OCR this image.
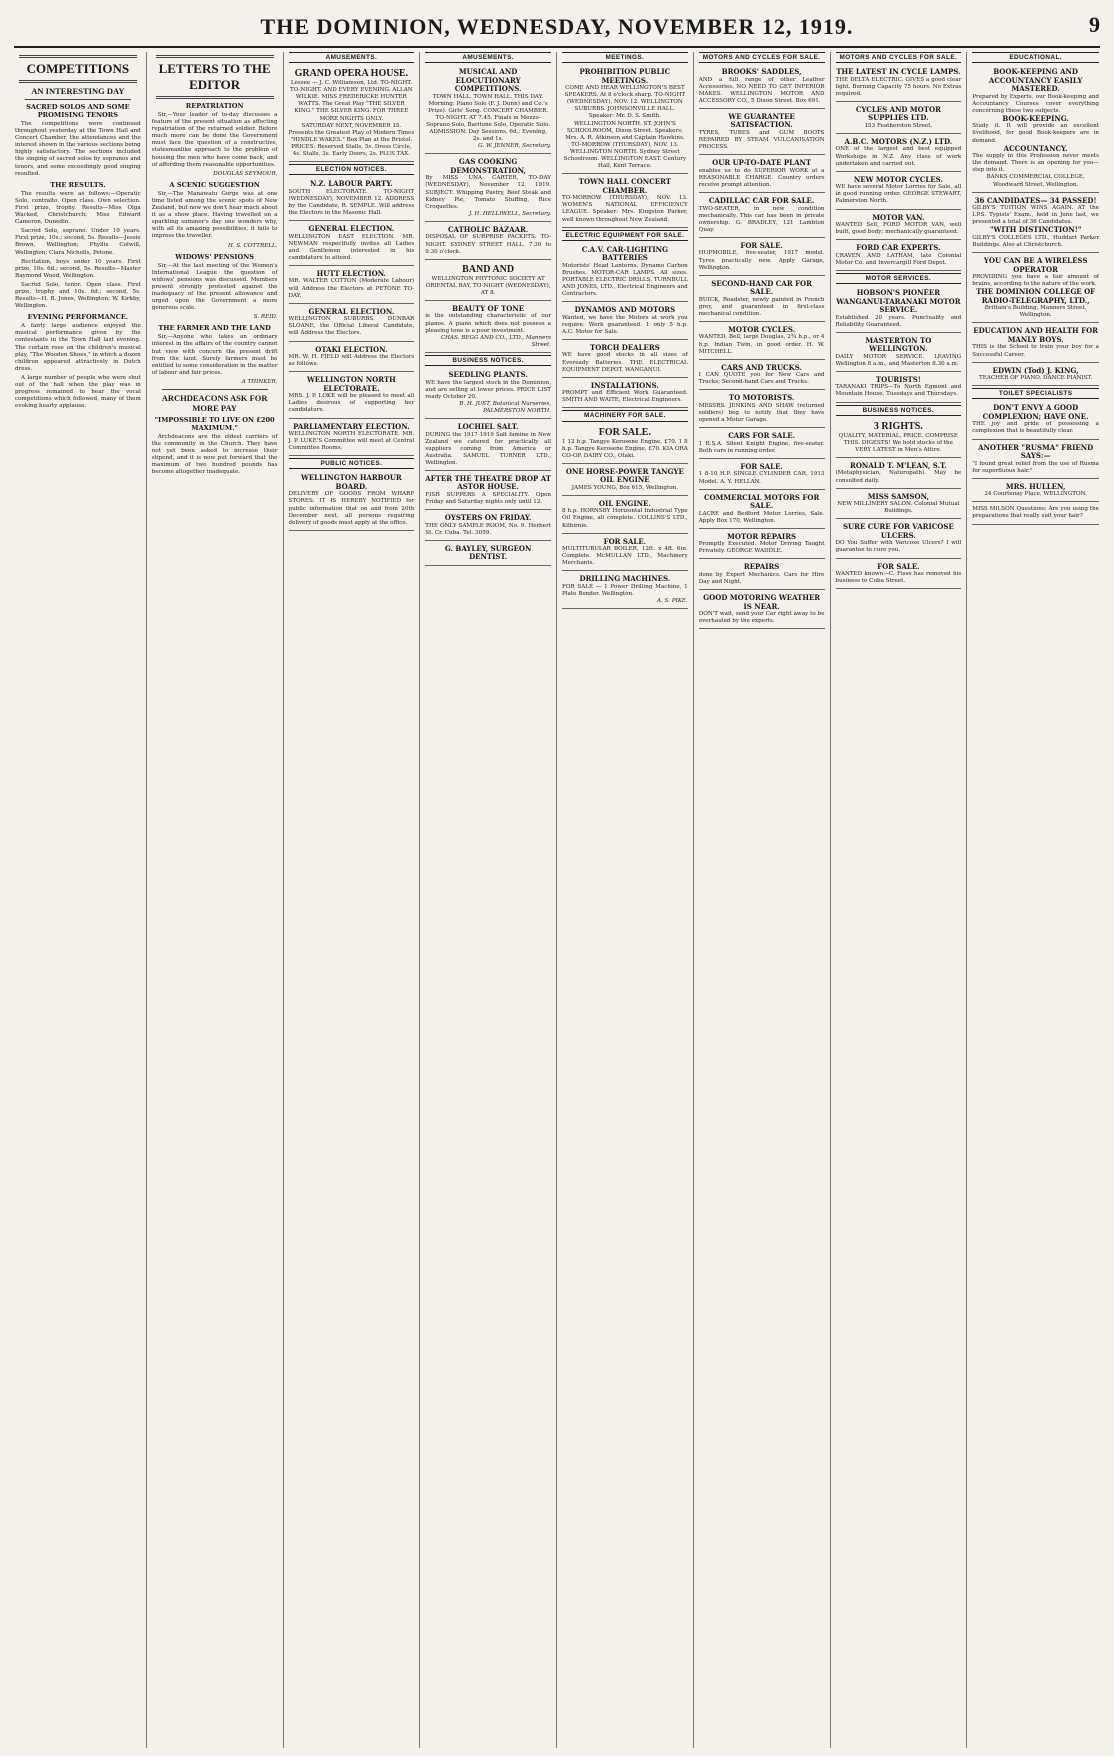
THE DOMINION, WEDNESDAY, NOVEMBER 12, 1919.	9
COMPETITIONS
AN INTERESTING DAY
SACRED SOLOS AND SOME PROMISING TENORS

The competitions were continued throughout yesterday at the Town Hall and Concert Chamber, the attendances and the interest shown in the various sections being highly satisfactory. The sections included the singing of sacred solos by sopranos and tenors, and some exceedingly good singing resulted.

THE RESULTS.

The results were as follows:—Operatic Solo, contralto. Open class. Own selection. First prize, trophy. Results—Miss Olga Wacked, Christchurch; Miss Edward Cameron, Dunedin.

Sacred Solo, soprano. Under 19 years. First prize, 10s.; second, 5s. Results—Jessie Brown, Wellington; Phyllis Colwill, Wellington; Clara Nicholls, Petone.

Recitation, boys under 10 years. First prize, 10s. 6d.; second, 5s. Results—Master Raymond Wood, Wellington.

Sacred Solo, tenor. Open class. First prize, trophy and 10s. 6d.; second, 5s. Results—H. B. Jones, Wellington; W. Kirkby, Wellington.

EVENING PERFORMANCE.

A fairly large audience enjoyed the musical performance given by the contestants in the Town Hall last evening. The curtain rose on the children's musical play, "The Wooden Shoes," in which a dozen children appeared attractively in Dutch dress.

A large number of people who were shut out of the hall when the play was in progress remained to hear the vocal competitions which followed, many of them evoking hearty applause.

LETTERS TO THE EDITOR
REPATRIATION

Sir,—Your leader of to-day discusses a feature of the present situation as affecting repatriation of the returned soldier. Before much more can be done the Government must face the question of a constructive, statesmanlike approach to the problem of housing the men who have come back, and of affording them reasonable opportunities.

DOUGLAS SEYMOUR,
A SCENIC SUGGESTION

Sir,—The Manawatu Gorge was at one time listed among the scenic spots of New Zealand, but now we don't hear much about it as a show place. Having travelled on a sparkling summer's day one wonders why, with all its amazing possibilities, it fails to impress the traveller.

H. S. COTTRELL.
WIDOWS' PENSIONS

Sir,—At the last meeting of the Women's International League the question of widows' pensions was discussed. Members present strongly protested against the inadequacy of the present allowance and urged upon the Government a more generous scale.

S. REID.
THE FARMER AND THE LAND

Sir,—Anyone who takes an ordinary interest in the affairs of the country cannot but view with concern the present drift from the land. Surely farmers must be entitled to some consideration in the matter of labour and fair prices.

A THINKER.
ARCHDEACONS ASK FOR MORE PAY
"IMPOSSIBLE TO LIVE ON £200 MAXIMUM."

Archdeacons are the oldest carriers of the community in the Church. They have not yet been asked to increase their stipend, and it is now put forward that the maximum of two hundred pounds has become altogether inadequate.

AMUSEMENTS.
GRAND OPERA HOUSE.
Lessee — J. C. Williamson, Ltd. TO-NIGHT. TO-NIGHT. AND EVERY EVENING. ALLAN WILKIE. MISS FREDERICKE HUNTER WATTS. The Great Play "THE SILVER KING." THE SILVER KING. FOR THREE MORE NIGHTS ONLY.
SATURDAY NEXT, NOVEMBER 15. Presents the Greatest Play of Modern Times "HINDLE WAKES." Box Plan at the Bristol.
PRICES: Reserved Stalls, 5s. Dress Circle, 4s. Stalls, 3s. Early Doors, 2s. PLUS TAX.
ELECTION NOTICES.
N.Z. LABOUR PARTY.
SOUTH ELECTORATE. TO-NIGHT (WEDNESDAY), NOVEMBER 12. ADDRESS by the Candidate, R. SEMPLE. Will address the Electors in the Masonic Hall.
GENERAL ELECTION.
WELLINGTON EAST ELECTION. MR. NEWMAN respectfully invites all Ladies and Gentlemen interested in his candidature to attend.
HUTT ELECTION.
MR. WALTER COTTON (Moderate Labour) will Address the Electors at PETONE TO-DAY.
GENERAL ELECTION.
WELLINGTON SUBURBS. DUNBAR SLOANE, the Official Liberal Candidate, will Address the Electors.
OTAKI ELECTION.
MR. W. H. FIELD will Address the Electors as follows.
WELLINGTON NORTH ELECTORATE.
MRS. J. P. LOKE will be pleased to meet all Ladies desirous of supporting her candidature.
PARLIAMENTARY ELECTION.
WELLINGTON NORTH ELECTORATE. MR. J. P. LUKE'S Committee will meet at Central Committee Rooms.
PUBLIC NOTICES.
WELLINGTON HARBOUR BOARD.
DELIVERY OF GOODS FROM WHARF STORES. IT IS HEREBY NOTIFIED for public information that on and from 20th December next, all persons requiring delivery of goods must apply at the office.
AMUSEMENTS.
MUSICAL AND ELOCUTIONARY COMPETITIONS.
TOWN HALL. TOWN HALL. THIS DAY. Morning: Piano Solo (F. J. Dunn) and Co.'s Prize). Girls' Song. CONCERT CHAMBER.
TO-NIGHT. AT 7.45. Finals in Mezzo-Soprano Solo, Baritone Solo, Operatic Solo. ADMISSION: Day Sessions, 6d.; Evening, 2s. and 1s.
G. W. JENNER, Secretary.
GAS COOKING DEMONSTRATION,
By MISS UNA CARTER, TO-DAY (WEDNESDAY), November 12, 1919. SUBJECT: Whipping Pastry, Beef Steak and Kidney Pie, Tomato Stuffing, Rice Croquettes.
J. H. HELLIWELL, Secretary.
CATHOLIC BAZAAR.
DISPOSAL OF SURPRISE PACKETS. TO-NIGHT. SYDNEY STREET HALL. 7.30 to 9.30 o'clock.
BAND AND
WELLINGTON PHYTONIC SOCIETY AT ORIENTAL BAY, TO-NIGHT (WEDNESDAY), AT 8.
BEAUTY OF TONE
is the outstanding characteristic of our pianos. A piano which does not possess a pleasing tone is a poor investment.
CHAS. BEGG AND CO., LTD., Manners Street.
BUSINESS NOTICES.
SEEDLING PLANTS.
WE have the largest stock in the Dominion, and are selling at lower prices. PRICE LIST ready October 20.
B. H. JUST, Botanical Nurseries, PALMERSTON NORTH.
LOCHIEL SALT.
DURING the 1917-1919 Salt famine in New Zealand we catered for practically all suppliers coming from America or Australia. SAMUEL TURNER LTD., Wellington.
AFTER THE THEATRE DROP AT ASTOR HOUSE.
FISH SUPPERS A SPECIALITY. Open Friday and Saturday nights only until 12.
OYSTERS ON FRIDAY.
THE ONLY SAMPLE ROOM, No. 9. Herbert St. Cr. Cuba. Tel. 3059.
G. BAYLEY, SURGEON DENTIST.
MEETINGS.
PROHIBITION PUBLIC MEETINGS.
COME AND HEAR WELLINGTON'S BEST SPEAKERS. At 8 o'clock sharp. TO-NIGHT (WEDNESDAY), NOV. 12. WELLINGTON SUBURBS. JOHNSONVILLE HALL. Speaker: Mr. D. S. Smith.
WELLINGTON NORTH. ST. JOHN'S SCHOOLROOM, Dixon Street. Speakers: Mrs. A. R. Atkinson and Captain Hawkins.
TO-MORROW (THURSDAY), NOV. 13. WELLINGTON NORTH. Sydney Street Schoolroom. WELLINGTON EAST. Century Hall, Kent Terrace.
TOWN HALL CONCERT CHAMBER.
TO-MORROW (THURSDAY), NOV. 13. WOMEN'S NATIONAL EFFICIENCY LEAGUE. Speaker: Mrs. Kingston Parker, well known throughout New Zealand.
ELECTRIC EQUIPMENT FOR SALE.
C.A.V. CAR-LIGHTING BATTERIES
Motorists' Head Lanterns. Dynamo Carbon Brushes. MOTOR-CAR LAMPS. All sizes. PORTABLE ELECTRIC DRILLS. TURNBULL AND JONES, LTD., Electrical Engineers and Contractors.
DYNAMOS AND MOTORS
Wanted, we have the Motors at work you require. Work guaranteed. 1 only 5 h.p. A.C. Motor for Sale.
TORCH DEALERS
WE have good stocks in all sizes of Eveready Batteries. THE ELECTRICAL EQUIPMENT DEPOT, WANGANUI.
INSTALLATIONS.
PROMPT and Efficient Work Guaranteed. SMITH AND WAITE, Electrical Engineers.
MACHINERY FOR SALE.
FOR SALE.
1 12 h.p. Tangye Kerosene Engine, £70. 1 8 h.p. Tangye Kerosene Engine, £70. KIA ORA CO-OP. DAIRY CO., Otaki.
ONE HORSE-POWER TANGYE OIL ENGINE
JAMES YOUNG, Box 615, Wellington.
OIL ENGINE.
8 h.p. HORNSBY Horizontal Industrial Type Oil Engine, all complete. COLLINS'S LTD., Kilbirnie.
FOR SALE.
MULTITUBULAR BOILER, 12ft. x 4ft. 6in. Complete. McMULLAN LTD., Machinery Merchants.
DRILLING MACHINES.
FOR SALE — 1 Power Drilling Machine, 1 Plate Bender. Wellington.
A. S. PIKE.
MOTORS AND CYCLES FOR SALE.
BROOKS' SADDLES,
AND a full range of other Leather Accessories. NO NEED TO GET INFERIOR MAKES. WELLINGTON MOTOR AND ACCESSORY CO., 5 Dixon Street. Box 691.
WE GUARANTEE SATISFACTION.
TYRES, TUBES and GUM BOOTS REPAIRED BY STEAM VULCANISATION PROCESS.
OUR UP-TO-DATE PLANT
enables us to do SUPERIOR WORK at a REASONABLE CHARGE. Country orders receive prompt attention.
CADILLAC CAR FOR SALE.
TWO-SEATER, in new condition mechanically. This car has been in private ownership. G. BRADLEY, 121 Lambton Quay.
FOR SALE.
HUPMOBILE, five-seater, 1917 model. Tyres practically new. Apply Garage, Wellington.
SECOND-HAND CAR FOR SALE.
BUICK, Roadster, newly painted in French grey, and guaranteed in first-class mechanical condition.
MOTOR CYCLES.
WANTED, Bell, large Douglas, 2¾ h.p., or 4 h.p. Indian Twin, in good order. H. W. MITCHELL.
CARS AND TRUCKS.
I CAN QUOTE you for New Cars and Trucks; Second-hand Cars and Trucks.
TO MOTORISTS.
MESSRS. JENKINS AND SHAW (returned soldiers) beg to notify that they have opened a Motor Garage.
CARS FOR SALE.
1 B.S.A. Silent Knight Engine, five-seater. Both cars in running order.
FOR SALE.
1 8-10 H.P. SINGLE CYLINDER CAR, 1913 Model. A. Y. HELLAN.
COMMERCIAL MOTORS FOR SALE.
LACRE and Bedford Motor Lorries, Sale. Apply Box 170, Wellington.
MOTOR REPAIRS
Promptly Executed. Motor Driving Taught Privately. GEORGE WADDLE.
REPAIRS
done by Expert Mechanics. Cars for Hire Day and Night.
GOOD MOTORING WEATHER IS NEAR.
DON'T wait, send your Car right away to be overhauled by the experts.
MOTORS AND CYCLES FOR SALE.
THE LATEST IN CYCLE LAMPS.
THE DELTA ELECTRIC. GIVES a good clear light. Burning Capacity 75 hours. No Extras required.
CYCLES AND MOTOR SUPPLIES LTD.
153 Featherston Street.
A.B.C. MOTORS (N.Z.) LTD.
ONE of the largest and best equipped Workshops in N.Z. Any class of work undertaken and carried out.
NEW MOTOR CYCLES.
WE have several Motor Lorries for Sale, all in good running order. GEORGE STEWART, Palmerston North.
MOTOR VAN.
WANTED Sell, FORD MOTOR VAN, well built, good body; mechanically guaranteed.
FORD CAR EXPERTS.
CRAVEN AND LATHAM, late Colonial Motor Co. and Invercargill Ford Depot.
MOTOR SERVICES.
HOBSON'S PIONEER WANGANUI-TARANAKI MOTOR SERVICE.
Established 20 years. Punctuality and Reliability Guaranteed.
MASTERTON TO WELLINGTON.
DAILY MOTOR SERVICE. LEAVING Wellington 8 a.m., and Masterton 8.30 a.m.
TOURISTS!
TARANAKI TRIPS—To North Egmont and Mountain House, Tuesdays and Thursdays.
BUSINESS NOTICES.
3 RIGHTS.
QUALITY, MATERIAL, PRICE. COMPRISE THIS. DIGESTS! We hold stocks of the VERY LATEST in Men's Attire.
RONALD T. M'LEAN, S.T.
(Metaphysician, Naturopath). May be consulted daily.
MISS SAMSON,
NEW MILLINERY SALON. Colonial Mutual Buildings.
SURE CURE FOR VARICOSE ULCERS.
DO You Suffer with Varicose Ulcers? I will guarantee to cure you.
FOR SALE.
WANTED known—C. Fisse has removed his business to Cuba Street.
EDUCATIONAL.
BOOK-KEEPING AND ACCOUNTANCY EASILY MASTERED.
Prepared by Experts, our Book-keeping and Accountancy Courses cover everything concerning these two subjects.
BOOK-KEEPING.
Study it. It will provide an excellent livelihood, for good Book-keepers are in demand.
ACCOUNTANCY.
The supply in this Profession never meets the demand. There is an opening for you—step into it.
BANKS COMMERCIAL COLLEGE, Woodward Street, Wellington.
36 CANDIDATES— 34 PASSED!
GILBY'S TUITION WINS AGAIN. AT the I.P.S. Typists' Exam., held in June last, we presented a total of 36 Candidates.
"WITH DISTINCTION!"
GILBY'S COLLEGES LTD., Huddart Parker Buildings. Also at Christchurch.
YOU CAN BE A WIRELESS OPERATOR
PROVIDING you have a fair amount of brains, according to the nature of the work.
THE DOMINION COLLEGE OF RADIO-TELEGRAPHY, LTD.,
Brittain's Building, Manners Street, Wellington.
EDUCATION AND HEALTH FOR MANLY BOYS.
THIS is the School to train your boy for a Successful Career.
EDWIN (Tod) J. KING,
TEACHER OF PIANO. DANCE PIANIST.
TOILET SPECIALISTS
DON'T ENVY A GOOD COMPLEXION; HAVE ONE.
THE joy and pride of possessing a complexion that is beautifully clear.
ANOTHER "RUSMA" FRIEND SAYS:—
"I found great relief from the use of Rusma for superfluous hair."
MRS. HULLEN,
24 Courtenay Place, WELLINGTON.
MISS MILSON Questions: Are you using the preparations that really suit your hair?
